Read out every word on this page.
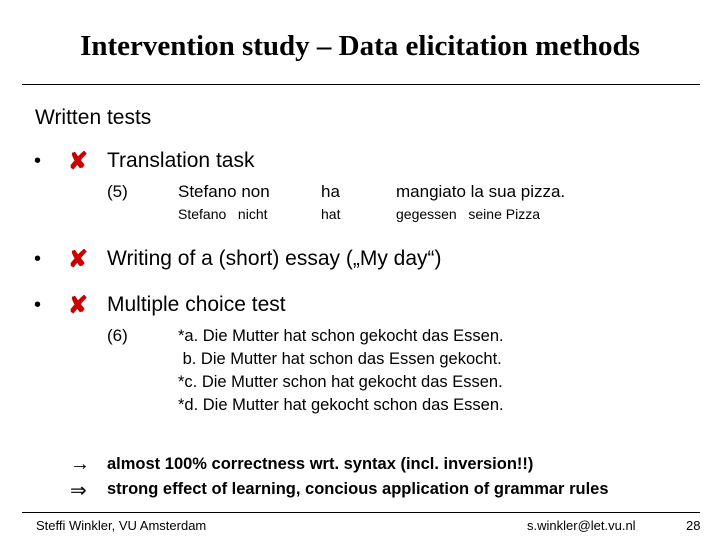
Intervention study – Data elicitation methods
Written tests
• ✘ Translation task
(5)	Stefano non	ha	mangiato la sua pizza.
Stefano   nicht	hat	gegessen   seine Pizza
• ✘ Writing of a (short) essay („My day“)
• ✘ Multiple choice test
(6)	*a. Die Mutter hat schon gekocht das Essen.
b. Die Mutter hat schon das Essen gekocht.
*c. Die Mutter schon hat gekocht das Essen.
*d. Die Mutter hat gekocht schon das Essen.
→ almost 100% correctness wrt. syntax (incl. inversion!!)
⇒ strong effect of learning, concious application of grammar rules
Steffi Winkler, VU Amsterdam	s.winkler@let.vu.nl	28
